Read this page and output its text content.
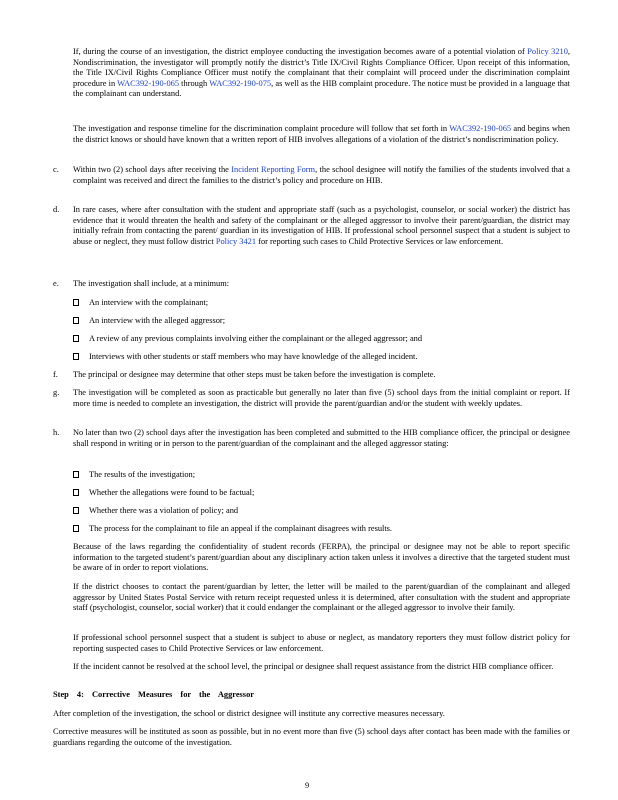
If, during the course of an investigation, the district employee conducting the investigation becomes aware of a potential violation of Policy 3210, Nondiscrimination, the investigator will promptly notify the district’s Title IX/Civil Rights Compliance Officer. Upon receipt of this information, the Title IX/Civil Rights Compliance Officer must notify the complainant that their complaint will proceed under the discrimination complaint procedure in WAC392-190-065 through WAC392-190-075, as well as the HIB complaint procedure. The notice must be provided in a language that the complainant can understand.

The investigation and response timeline for the discrimination complaint procedure will follow that set forth in WAC392-190-065 and begins when the district knows or should have known that a written report of HIB involves allegations of a violation of the district’s nondiscrimination policy.

c. Within two (2) school days after receiving the Incident Reporting Form, the school designee will notify the families of the students involved that a complaint was received and direct the families to the district’s policy and procedure on HIB.

d. In rare cases, where after consultation with the student and appropriate staff (such as a psychologist, counselor, or social worker) the district has evidence that it would threaten the health and safety of the complainant or the alleged aggressor to involve their parent/guardian, the district may initially refrain from contacting the parent/ guardian in its investigation of HIB. If professional school personnel suspect that a student is subject to abuse or neglect, they must follow district Policy 3421 for reporting such cases to Child Protective Services or law enforcement.

e. The investigation shall include, at a minimum:

An interview with the complainant;
An interview with the alleged aggressor;
A review of any previous complaints involving either the complainant or the alleged aggressor; and
Interviews with other students or staff members who may have knowledge of the alleged incident.
f. The principal or designee may determine that other steps must be taken before the investigation is complete.

g. The investigation will be completed as soon as practicable but generally no later than five (5) school days from the initial complaint or report. If more time is needed to complete an investigation, the district will provide the parent/guardian and/or the student with weekly updates.

h. No later than two (2) school days after the investigation has been completed and submitted to the HIB compliance officer, the principal or designee shall respond in writing or in person to the parent/guardian of the complainant and the alleged aggressor stating:

The results of the investigation;
Whether the allegations were found to be factual;
Whether there was a violation of policy; and
The process for the complainant to file an appeal if the complainant disagrees with results.

Because of the laws regarding the confidentiality of student records (FERPA), the principal or designee may not be able to report specific information to the targeted student’s parent/guardian about any disciplinary action taken unless it involves a directive that the targeted student must be aware of in order to report violations.

If the district chooses to contact the parent/guardian by letter, the letter will be mailed to the parent/guardian of the complainant and alleged aggressor by United States Postal Service with return receipt requested unless it is determined, after consultation with the student and appropriate staff (psychologist, counselor, social worker) that it could endanger the complainant or the alleged aggressor to involve their family.

If professional school personnel suspect that a student is subject to abuse or neglect, as mandatory reporters they must follow district policy for reporting suspected cases to Child Protective Services or law enforcement.

If the incident cannot be resolved at the school level, the principal or designee shall request assistance from the district HIB compliance officer.

Step 4: Corrective Measures for the Aggressor

After completion of the investigation, the school or district designee will institute any corrective measures necessary.

Corrective measures will be instituted as soon as possible, but in no event more than five (5) school days after contact has been made with the families or guardians regarding the outcome of the investigation.

9
